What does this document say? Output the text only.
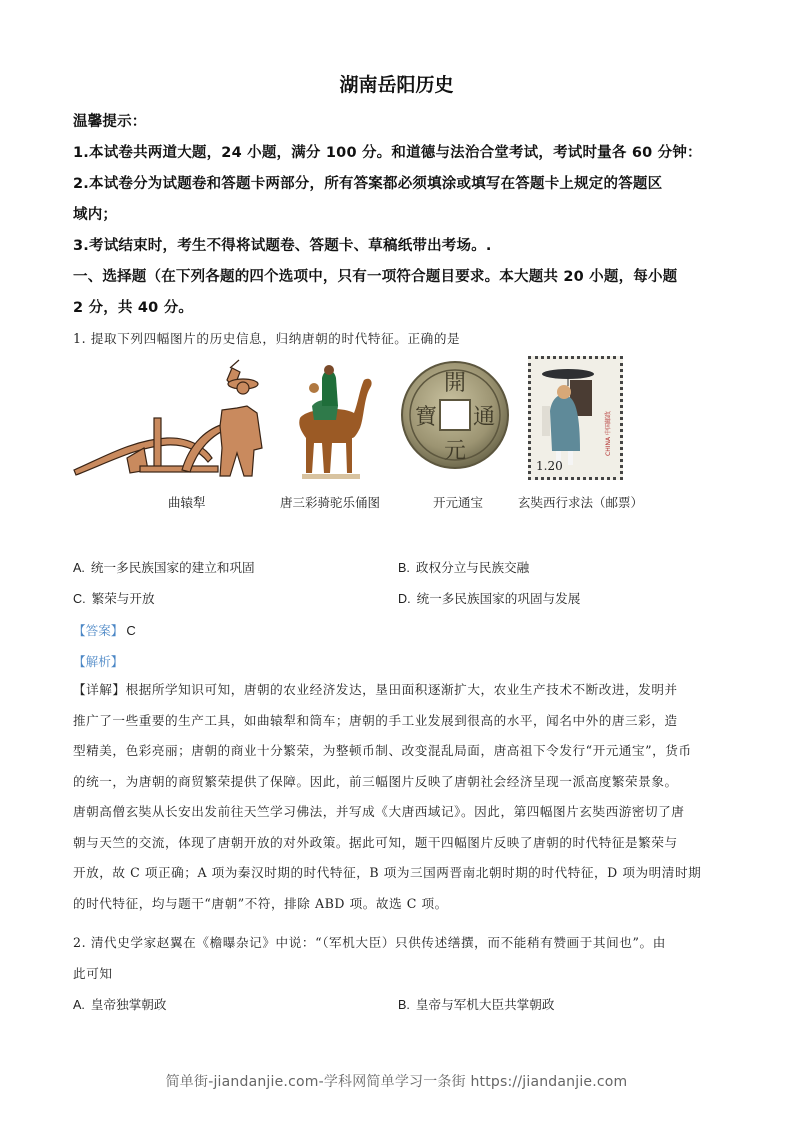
湖南岳阳历史
温馨提示：
1.本试卷共两道大题，24 小题，满分 100 分。和道德与法治合堂考试，考试时量各 60 分钟：
2.本试卷分为试题卷和答题卡两部分，所有答案都必须填涂或填写在答题卡上规定的答题区
域内；
3.考试结束时，考生不得将试题卷、答题卡、草稿纸带出考场。.
一、选择题（在下列各题的四个选项中，只有一项符合题目要求。本大题共 20 小题，每小题
2 分，共 40 分。
1. 提取下列四幅图片的历史信息，归纳唐朝的时代特征。正确的是
開
元
通
寶
1.20
CHINA 中国邮政
曲辕犁	唐三彩骑驼乐俑图	开元通宝	玄奘西行求法（邮票）
A. 统一多民族国家的建立和巩固	B. 政权分立与民族交融
C. 繁荣与开放	D. 统一多民族国家的巩固与发展
【答案】 C
【解析】
【详解】根据所学知识可知，唐朝的农业经济发达，垦田面积逐渐扩大，农业生产技术不断改进，发明并
推广了一些重要的生产工具，如曲辕犁和筒车；唐朝的手工业发展到很高的水平，闻名中外的唐三彩，造
型精美，色彩亮丽；唐朝的商业十分繁荣，为整顿币制、改变混乱局面，唐高祖下令发行“开元通宝”，货币
的统一，为唐朝的商贸繁荣提供了保障。因此，前三幅图片反映了唐朝社会经济呈现一派高度繁荣景象。
唐朝高僧玄奘从长安出发前往天竺学习佛法，并写成《大唐西域记》。因此，第四幅图片玄奘西游密切了唐
朝与天竺的交流，体现了唐朝开放的对外政策。据此可知，题干四幅图片反映了唐朝的时代特征是繁荣与
开放，故 C 项正确；A 项为秦汉时期的时代特征，B 项为三国两晋南北朝时期的时代特征，D 项为明清时期
的时代特征，均与题干“唐朝”不符，排除 ABD 项。故选 C 项。
2. 清代史学家赵翼在《檐曝杂记》中说：“（军机大臣）只供传述缮撰，而不能稍有赞画于其间也”。由
此可知
A. 皇帝独掌朝政	B. 皇帝与军机大臣共掌朝政
简单街-jiandanjie.com-学科网简单学习一条街 https://jiandanjie.com
